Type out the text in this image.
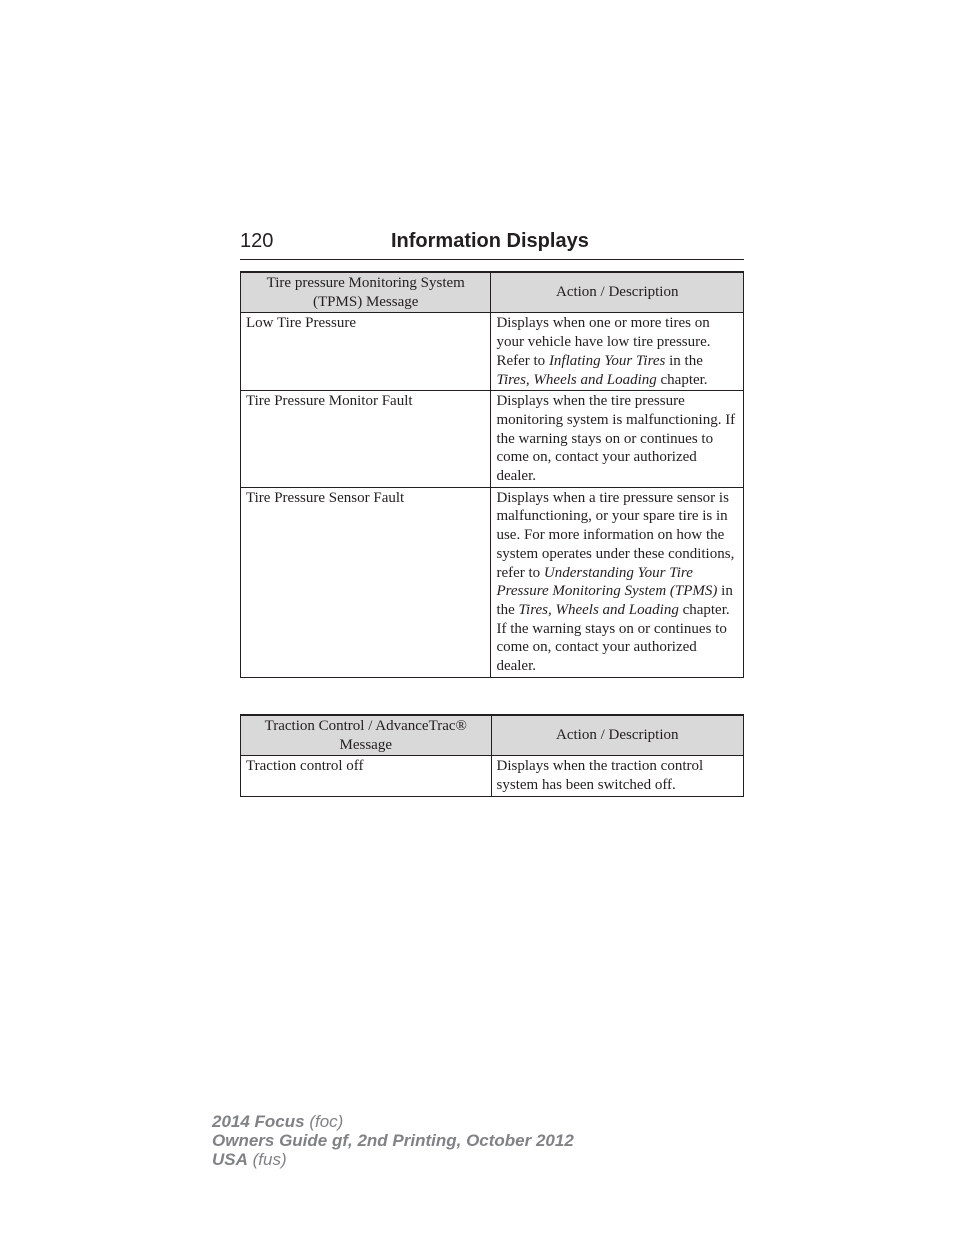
120	Information Displays
Tire pressure Monitoring System (TPMS) Message	Action / Description
Low Tire Pressure	Displays when one or more tires on your vehicle have low tire pressure. Refer to Inflating Your Tires in the Tires, Wheels and Loading chapter.
Tire Pressure Monitor Fault	Displays when the tire pressure monitoring system is malfunctioning. If the warning stays on or continues to come on, contact your authorized dealer.
Tire Pressure Sensor Fault	Displays when a tire pressure sensor is malfunctioning, or your spare tire is in use. For more information on how the system operates under these conditions, refer to Understanding Your Tire Pressure Monitoring System (TPMS) in the Tires, Wheels and Loading chapter. If the warning stays on or continues to come on, contact your authorized dealer.
Traction Control / AdvanceTrac® Message	Action / Description
Traction control off	Displays when the traction control system has been switched off.
2014 Focus (foc)
Owners Guide gf, 2nd Printing, October 2012
USA (fus)
